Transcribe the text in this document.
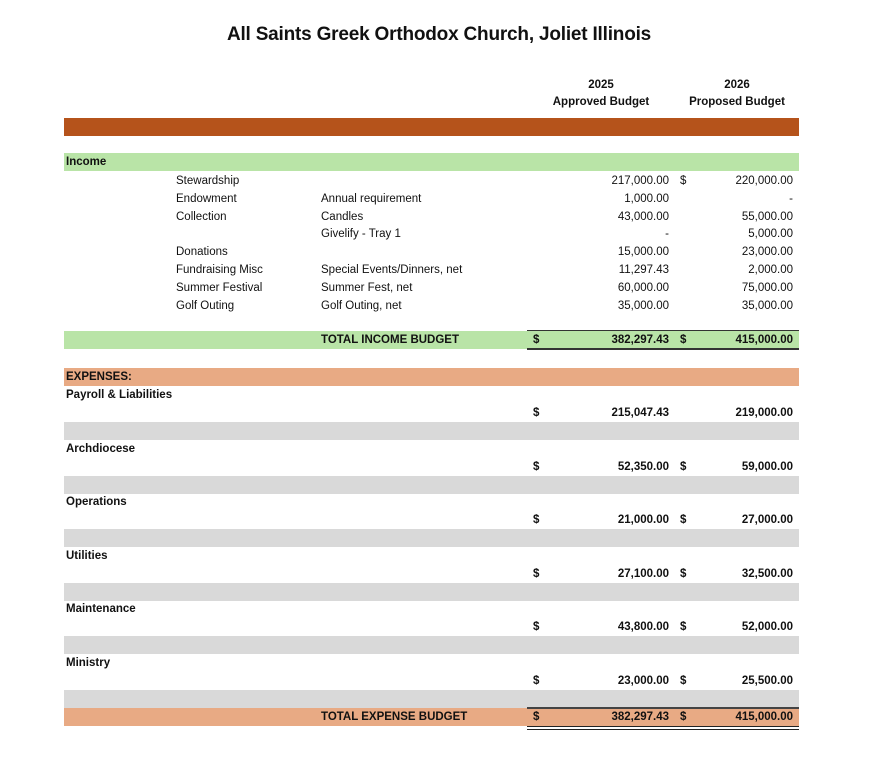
All Saints Greek Orthodox Church, Joliet Illinois
2025
Approved Budget
2026
Proposed Budget
Income
Stewardship	217,000.00 $	220,000.00
Endowment	Annual requirement	1,000.00	-
Collection	Candles	43,000.00	55,000.00
Givelify - Tray 1	-	5,000.00
Donations	15,000.00	23,000.00
Fundraising Misc	Special Events/Dinners, net	11,297.43	2,000.00
Summer Festival	Summer Fest, net	60,000.00	75,000.00
Golf Outing	Golf Outing, net	35,000.00	35,000.00
TOTAL INCOME BUDGET	$	382,297.43 $	415,000.00
EXPENSES:
Payroll & Liabilities
$	215,047.43	219,000.00
Archdiocese
$	52,350.00 $	59,000.00
Operations
$	21,000.00 $	27,000.00
Utilities
$	27,100.00 $	32,500.00
Maintenance
$	43,800.00 $	52,000.00
Ministry
$	23,000.00 $	25,500.00
TOTAL EXPENSE BUDGET	$	382,297.43 $	415,000.00
